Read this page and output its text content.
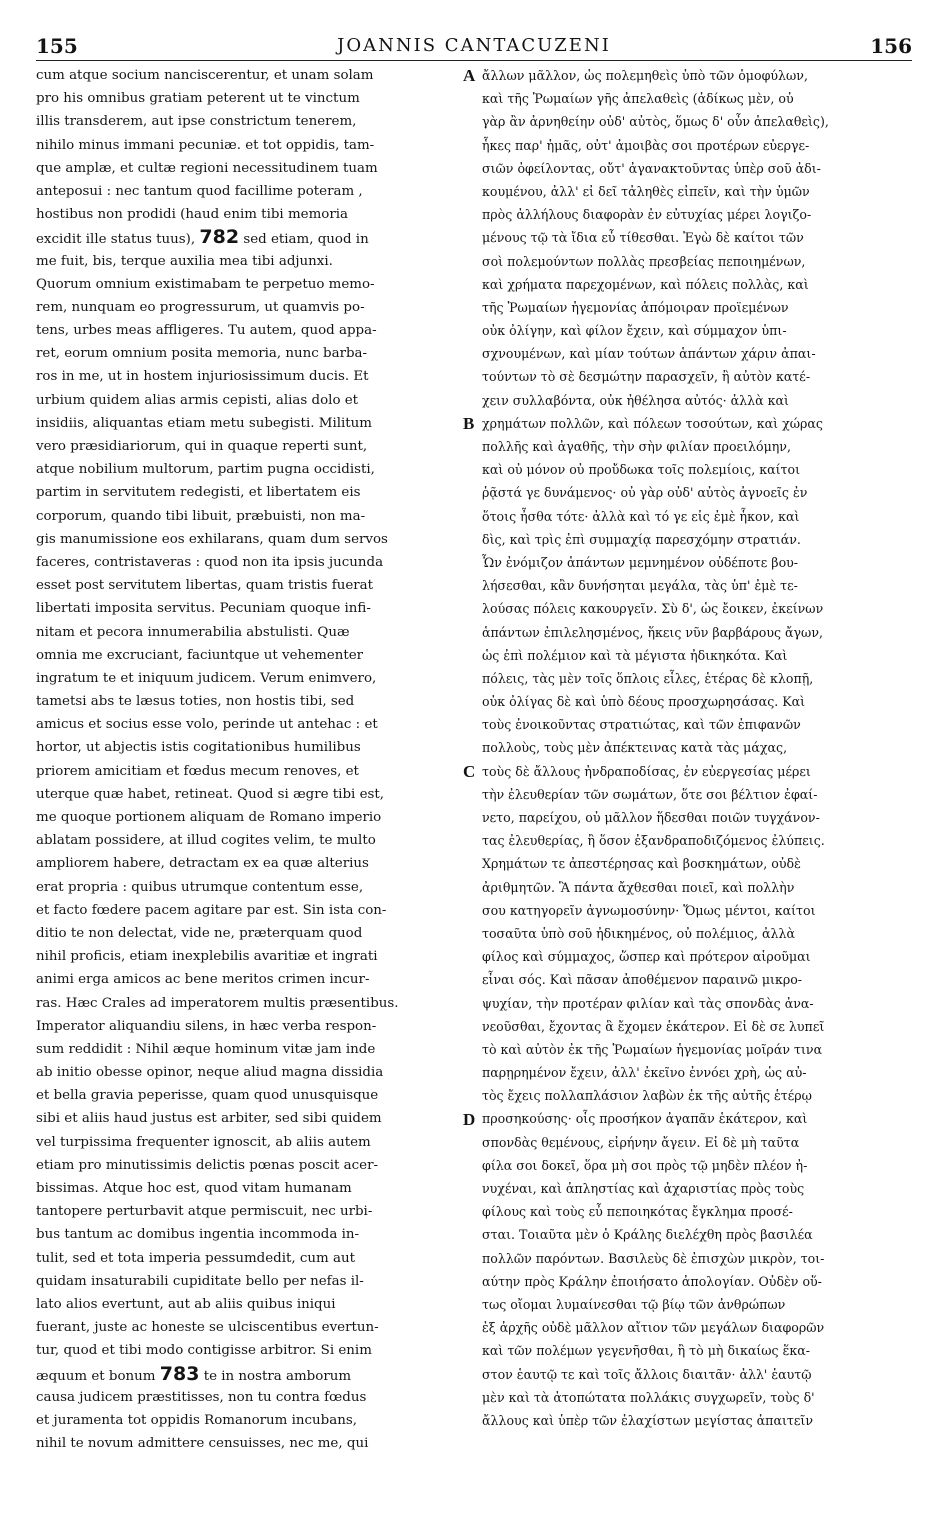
155	JOANNIS CANTACUZENI	156
cum atque socium nanciscerentur, et unam solam
pro his omnibus gratiam peterent ut te vinctum
illis transderem, aut ipse constrictum tenerem,
nihilo minus immani pecuniæ. et tot oppidis, tam-
que amplæ, et cultæ regioni necessitudinem tuam
anteposui : nec tantum quod facillime poteram ,
hostibus non prodidi (haud enim tibi memoria
excidit ille status tuus), 782 sed etiam, quod in
me fuit, bis, terque auxilia mea tibi adjunxi.
Quorum omnium existimabam te perpetuo memo-
rem, nunquam eo progressurum, ut quamvis po-
tens, urbes meas affligeres. Tu autem, quod appa-
ret, eorum omnium posita memoria, nunc barba-
ros in me, ut in hostem injuriosissimum ducis. Et
urbium quidem alias armis cepisti, alias dolo et
insidiis, aliquantas etiam metu subegisti. Militum
vero præsidiariorum, qui in quaque reperti sunt,
atque nobilium multorum, partim pugna occidisti,
partim in servitutem redegisti, et libertatem eis
corporum, quando tibi libuit, præbuisti, non ma-
gis manumissione eos exhilarans, quam dum servos
faceres, contristaveras : quod non ita ipsis jucunda
esset post servitutem libertas, quam tristis fuerat
libertati imposita servitus. Pecuniam quoque infi-
nitam et pecora innumerabilia abstulisti. Quæ
omnia me excruciant, faciuntque ut vehementer
ingratum te et iniquum judicem. Verum enimvero,
tametsi abs te læsus toties, non hostis tibi, sed
amicus et socius esse volo, perinde ut antehac : et
hortor, ut abjectis istis cogitationibus humilibus
priorem amicitiam et fœdus mecum renoves, et
uterque quæ habet, retineat. Quod si ægre tibi est,
me quoque portionem aliquam de Romano imperio
ablatam possidere, at illud cogites velim, te multo
ampliorem habere, detractam ex ea quæ alterius
erat propria : quibus utrumque contentum esse,
et facto fœdere pacem agitare par est. Sin ista con-
ditio te non delectat, vide ne, præterquam quod
nihil proficis, etiam inexplebilis avaritiæ et ingrati
animi erga amicos ac bene meritos crimen incur-
ras. Hæc Crales ad imperatorem multis præsentibus.
Imperator aliquandiu silens, in hæc verba respon-
sum reddidit : Nihil æque hominum vitæ jam inde
ab initio obesse opinor, neque aliud magna dissidia
et bella gravia peperisse, quam quod unusquisque
sibi et aliis haud justus est arbiter, sed sibi quidem
vel turpissima frequenter ignoscit, ab aliis autem
etiam pro minutissimis delictis pœnas poscit acer-
bissimas. Atque hoc est, quod vitam humanam
tantopere perturbavit atque permiscuit, nec urbi-
bus tantum ac domibus ingentia incommoda in-
tulit, sed et tota imperia pessumdedit, cum aut
quidam insaturabili cupiditate bello per nefas il-
lato alios evertunt, aut ab aliis quibus iniqui
fuerant, juste ac honeste se ulciscentibus evertun-
tur, quod et tibi modo contigisse arbitror. Si enim
æquum et bonum 783 te in nostra amborum
causa judicem præstitisses, non tu contra fœdus
et juramenta tot oppidis Romanorum incubans,
nihil te novum admittere censuisses, nec me, qui
ἄλλων μᾶλλον, ὡς πολεμηθεὶς ὑπὸ τῶν ὁμοφύλων,
καὶ τῆς Ῥωμαίων γῆς ἀπελαθεὶς (ἀδίκως μὲν, οὐ
γὰρ ἂν ἀρνηθείην οὐδ' αὐτὸς, ὅμως δ' οὖν ἀπελαθεὶς),
ἧκες παρ' ἡμᾶς, οὐτ' ἀμοιβὰς σοι προτέρων εὐεργε-
σιῶν ὀφείλοντας, οὔτ' ἀγανακτοῦντας ὑπὲρ σοῦ ἀδι-
κουμένου, ἀλλ' εἰ δεῖ τἀληθὲς εἰπεῖν, καὶ τὴν ὑμῶν
πρὸς ἀλλήλους διαφορὰν ἐν εὐτυχίας μέρει λογιζο-
μένους τῷ τὰ ἴδια εὖ τίθεσθαι. Ἐγὼ δὲ καίτοι τῶν
σοὶ πολεμούντων πολλὰς πρεσβείας πεποιημένων,
καὶ χρήματα παρεχομένων, καὶ πόλεις πολλὰς, καὶ
τῆς Ῥωμαίων ἡγεμονίας ἀπόμοιραν προϊεμένων
οὐκ ὀλίγην, καὶ φίλον ἔχειν, καὶ σύμμαχον ὑπι-
σχνουμένων, καὶ μίαν τούτων ἁπάντων χάριν ἀπαι-
τούντων τὸ σὲ δεσμώτην παρασχεῖν, ἢ αὐτὸν κατέ-
χειν συλλαβόντα, οὐκ ἠθέλησα αὐτός· ἀλλὰ καὶ
χρημάτων πολλῶν, καὶ πόλεων τοσούτων, καὶ χώρας
πολλῆς καὶ ἀγαθῆς, τὴν σὴν φιλίαν προειλόμην,
καὶ οὐ μόνον οὐ προὔδωκα τοῖς πολεμίοις, καίτοι
ῥᾷστά γε δυνάμενος· οὐ γὰρ οὐδ' αὐτὸς ἀγνοεῖς ἐν
ὅτοις ἦσθα τότε· ἀλλὰ καὶ τό γε εἰς ἐμὲ ἧκον, καὶ
δὶς, καὶ τρὶς ἐπὶ συμμαχίᾳ παρεσχόμην στρατιάν.
Ὧν ἐνόμιζον ἁπάντων μεμνημένον οὐδέποτε βου-
λήσεσθαι, κἂν δυνήσηται μεγάλα, τὰς ὑπ' ἐμὲ τε-
λούσας πόλεις κακουργεῖν. Σὺ δ', ὡς ἔοικεν, ἐκείνων
ἁπάντων ἐπιλελησμένος, ἥκεις νῦν βαρβάρους ἄγων,
ὡς ἐπὶ πολέμιον καὶ τὰ μέγιστα ἠδικηκότα. Καὶ
πόλεις, τὰς μὲν τοῖς ὅπλοις εἷλες, ἑτέρας δὲ κλοπῇ,
οὐκ ὀλίγας δὲ καὶ ὑπὸ δέους προσχωρησάσας. Καὶ
τοὺς ἐνοικοῦντας στρατιώτας, καὶ τῶν ἐπιφανῶν
πολλοὺς, τοὺς μὲν ἀπέκτεινας κατὰ τὰς μάχας,
τοὺς δὲ ἄλλους ἠνδραποδίσας, ἐν εὐεργεσίας μέρει
τὴν ἐλευθερίαν τῶν σωμάτων, ὅτε σοι βέλτιον ἐφαί-
νετο, παρείχου, οὐ μᾶλλον ἥδεσθαι ποιῶν τυγχάνον-
τας ἐλευθερίας, ἢ ὅσον ἐξανδραποδιζόμενος ἐλύπεις.
Χρημάτων τε ἀπεστέρησας καὶ βοσκημάτων, οὐδὲ
ἀριθμητῶν. Ἃ πάντα ἄχθεσθαι ποιεῖ, καὶ πολλὴν
σου κατηγορεῖν ἀγνωμοσύνην· Ὅμως μέντοι, καίτοι
τοσαῦτα ὑπὸ σοῦ ἠδικημένος, οὐ πολέμιος, ἀλλὰ
φίλος καὶ σύμμαχος, ὥσπερ καὶ πρότερον αἱροῦμαι
εἶναι σός. Καὶ πᾶσαν ἀποθέμενον παραινῶ μικρο-
ψυχίαν, τὴν προτέραν φιλίαν καὶ τὰς σπονδὰς ἀνα-
νεοῦσθαι, ἔχοντας ἃ ἔχομεν ἑκάτερον. Εἰ δὲ σε λυπεῖ
τὸ καὶ αὐτὸν ἐκ τῆς Ῥωμαίων ἡγεμονίας μοῖράν τινα
παρῃρημένον ἔχειν, ἀλλ' ἐκεῖνο ἐννόει χρὴ, ὡς αὐ-
τὸς ἔχεις πολλαπλάσιον λαβὼν ἐκ τῆς αὐτῆς ἑτέρῳ
προσηκούσης· οἷς προσήκον ἀγαπᾶν ἑκάτερον, καὶ
σπονδὰς θεμένους, εἰρήνην ἄγειν. Εἰ δὲ μὴ ταῦτα
φίλα σοι δοκεῖ, ὅρα μὴ σοι πρὸς τῷ μηδὲν πλέον ἠ-
νυχέναι, καὶ ἀπληστίας καὶ ἀχαριστίας πρὸς τοὺς
φίλους καὶ τοὺς εὖ πεποιηκότας ἔγκλημα προσέ-
σται. Τοιαῦτα μὲν ὁ Κράλης διελέχθη πρὸς βασιλέα
πολλῶν παρόντων. Βασιλεὺς δὲ ἐπισχὼν μικρὸν, τοι-
αύτην πρὸς Κράλην ἐποιήσατο ἀπολογίαν. Οὐδὲν οὕ-
τως οἴομαι λυμαίνεσθαι τῷ βίῳ τῶν ἀνθρώπων
ἐξ ἀρχῆς οὐδὲ μᾶλλον αἴτιον τῶν μεγάλων διαφορῶν
καὶ τῶν πολέμων γεγενῆσθαι, ἢ τὸ μὴ δικαίως ἕκα-
στον ἑαυτῷ τε καὶ τοῖς ἄλλοις διαιτᾶν· ἀλλ' ἑαυτῷ
μὲν καὶ τὰ ἀτοπώτατα πολλάκις συγχωρεῖν, τοὺς δ'
ἄλλους καὶ ὑπὲρ τῶν ἐλαχίστων μεγίστας ἀπαιτεῖν
A
B
C
D
